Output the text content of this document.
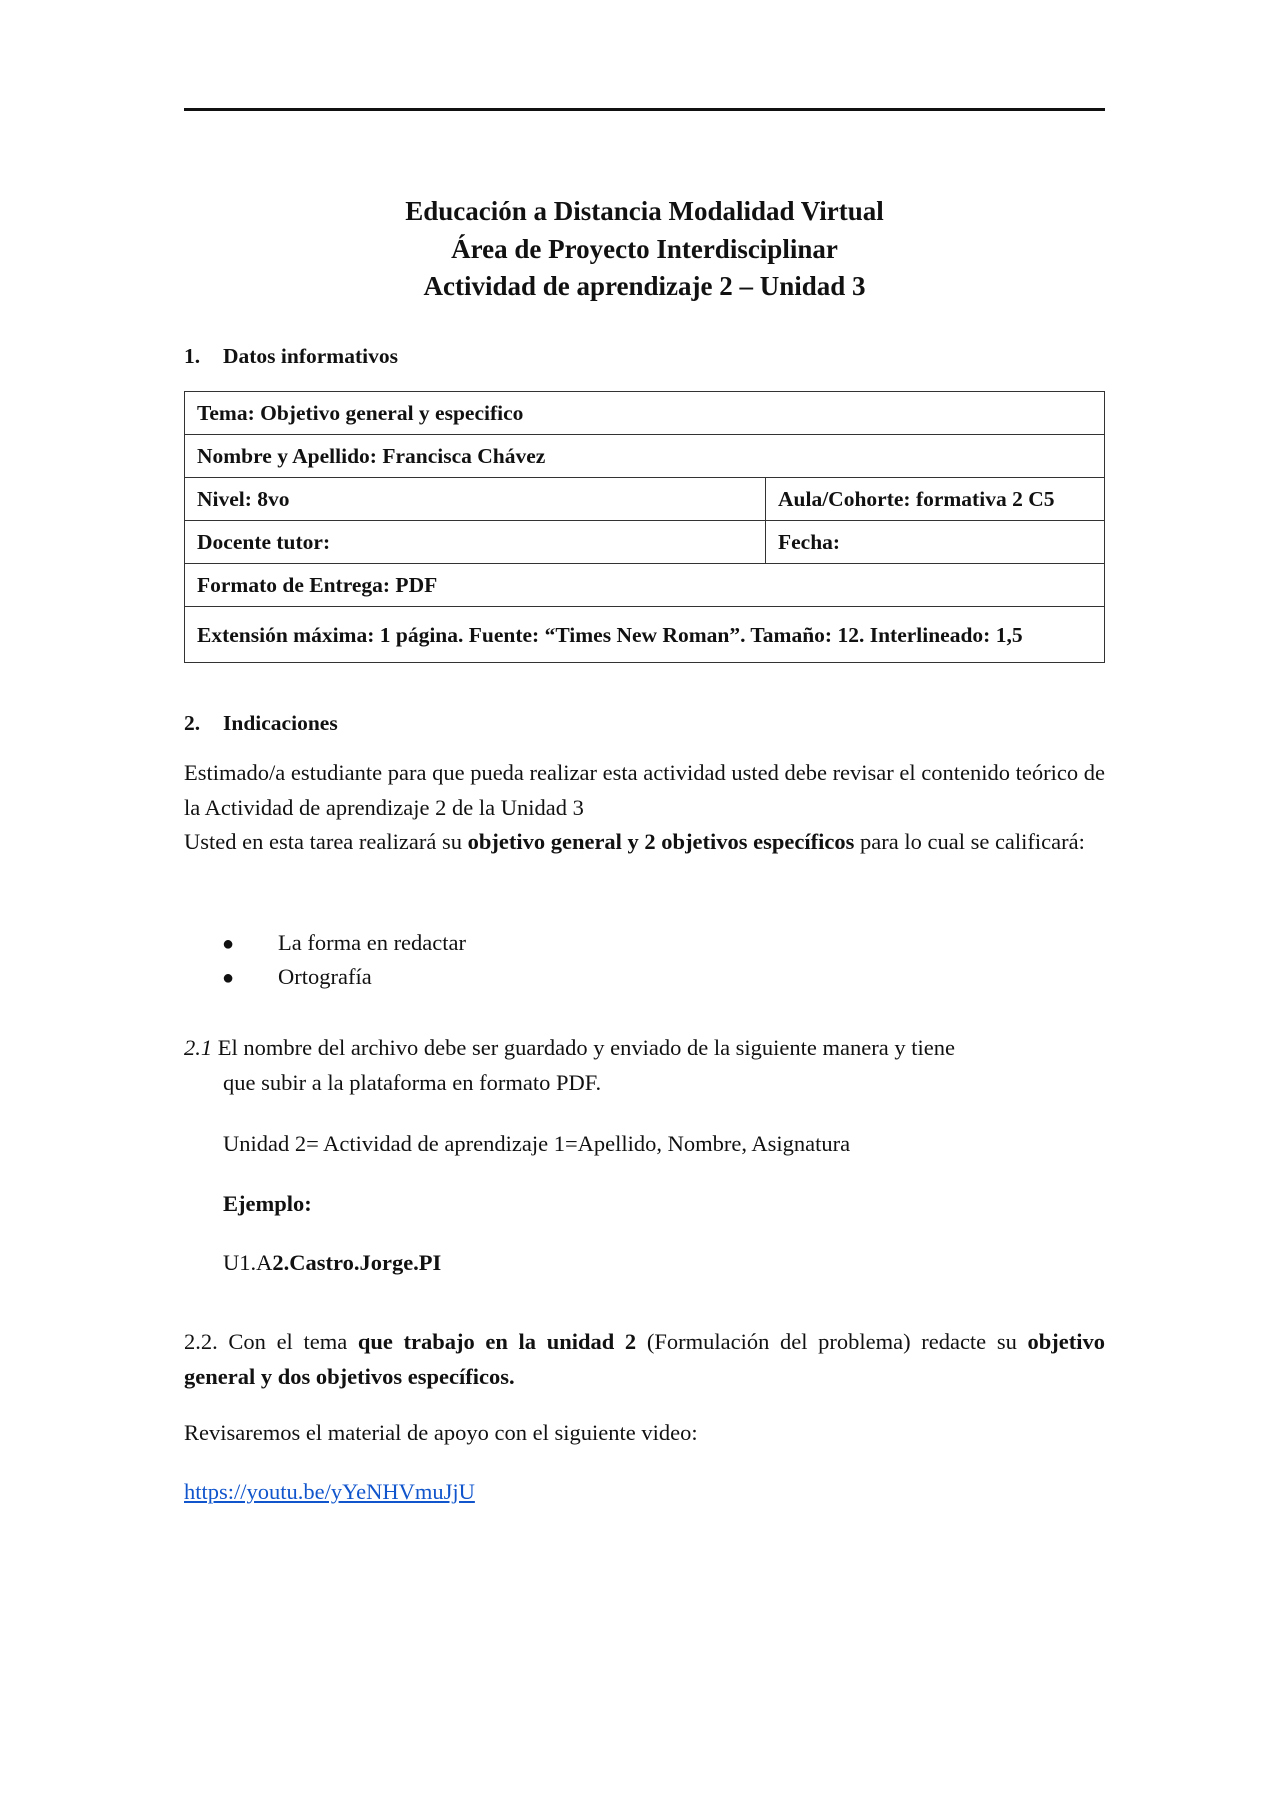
Educación a Distancia Modalidad Virtual
Área de Proyecto Interdisciplinar
Actividad de aprendizaje 2 – Unidad 3
1. Datos informativos
Tema: Objetivo general y especifico	
Nombre y Apellido: Francisca Chávez	
Nivel: 8vo	Aula/Cohorte: formativa 2 C5
Docente tutor:	Fecha:
Formato de Entrega: PDF	
Extensión máxima: 1 página. Fuente: “Times New Roman”. Tamaño: 12. Interlineado: 1,5	
2. Indicaciones
Estimado/a estudiante para que pueda realizar esta actividad usted debe revisar el contenido teórico de la Actividad de aprendizaje 2 de la Unidad 3
Usted en esta tarea realizará su objetivo general y 2 objetivos específicos para lo cual se calificará:
● La forma en redactar
● Ortografía
2.1 El nombre del archivo debe ser guardado y enviado de la siguiente manera y tiene
que subir a la plataforma en formato PDF.
Unidad 2= Actividad de aprendizaje 1=Apellido, Nombre, Asignatura
Ejemplo:
U1.A2.Castro.Jorge.PI
2.2. Con el tema que trabajo en la unidad 2 (Formulación del problema) redacte su objetivo general y dos objetivos específicos.
Revisaremos el material de apoyo con el siguiente video:
https://youtu.be/yYeNHVmuJjU
